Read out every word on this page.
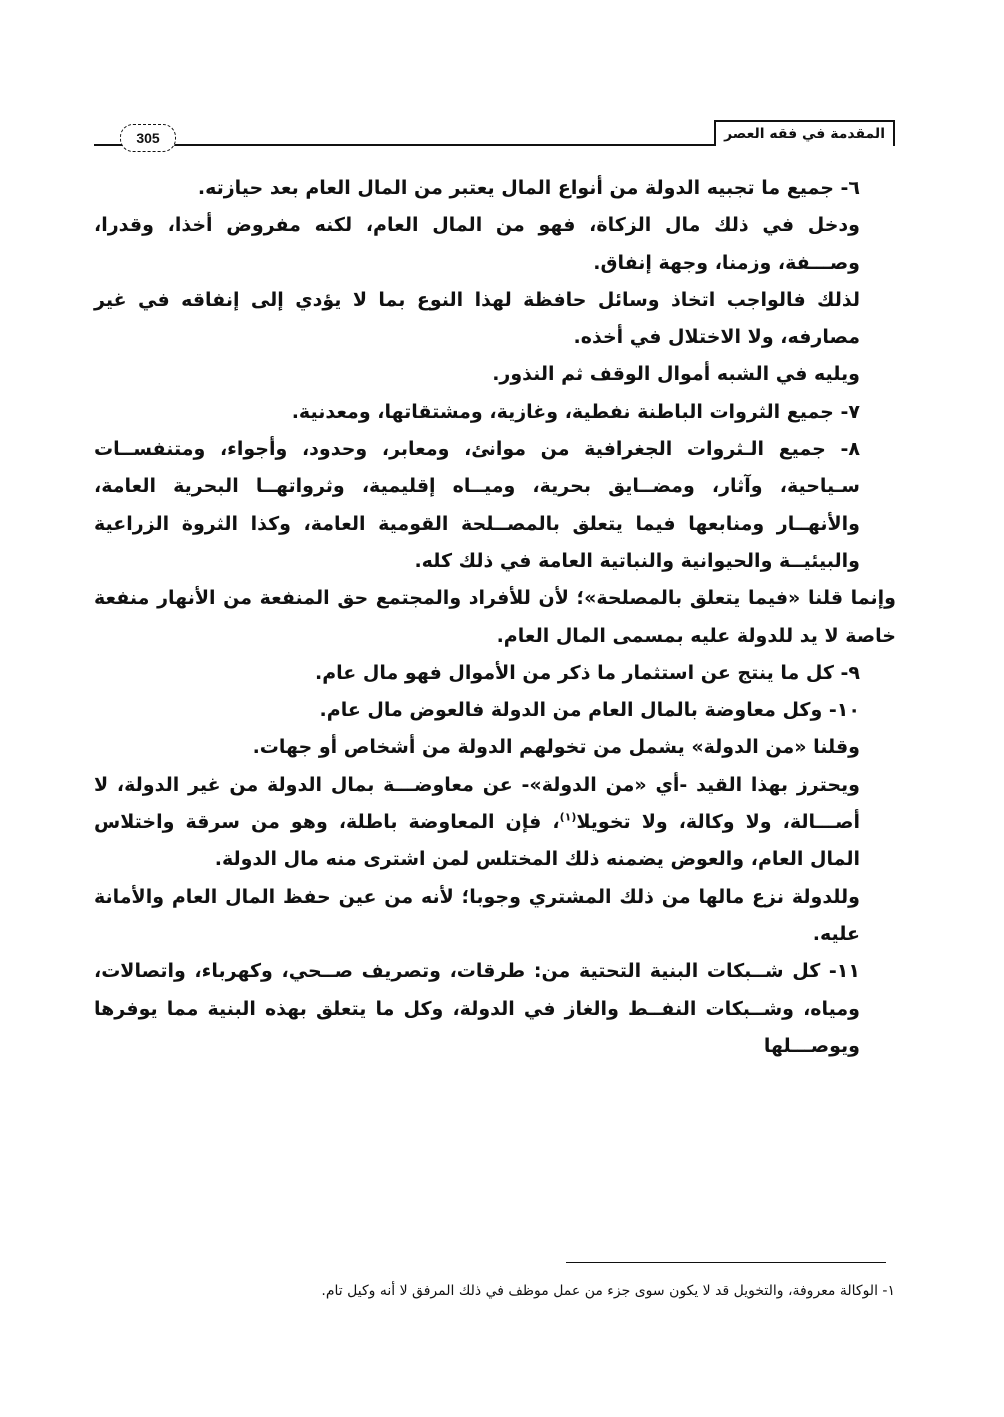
المقدمة في فقه العصر
305

٦- جميع ما تجبيه الدولة من أنواع المال يعتبر من المال العام بعد حيازته.

ودخل في ذلك مال الزكاة، فهو من المال العام، لكنه مفروض أخذا، وقدرا، وصـــفة، وزمنا، وجهة إنفاق.

لذلك فالواجب اتخاذ وسائل حافظة لهذا النوع بما لا يؤدي إلى إنفاقه في غير مصارفه، ولا الاختلال في أخذه.

ويليه في الشبه أموال الوقف ثم النذور.

٧- جميع الثروات الباطنة نفطية، وغازية، ومشتقاتها، ومعدنية.

٨- جميع الـثروات الجغرافية من موانئ، ومعابر، وحدود، وأجواء، ومتنفســات سـياحية، وآثار، ومضــايق بحرية، وميــاه إقليمية، وثرواتهــا البحرية العامة، والأنهــار ومنابعها فيما يتعلق بالمصــلحة القومية العامة، وكذا الثروة الزراعية والبيئيــة والحيوانية والنباتية العامة في ذلك كله.

وإنما قلنا «فيما يتعلق بالمصلحة»؛ لأن للأفراد والمجتمع حق المنفعة من الأنهار منفعة خاصة لا يد للدولة عليه بمسمى المال العام.

٩- كل ما ينتج عن استثمار ما ذكر من الأموال فهو مال عام.

١٠- وكل معاوضة بالمال العام من الدولة فالعوض مال عام.

وقلنا «من الدولة» يشمل من تخولهم الدولة من أشخاص أو جهات.

ويحترز بهذا القيد -أي «من الدولة»- عن معاوضـــة بمال الدولة من غير الدولة، لا أصـــالة، ولا وكالة، ولا تخويلا$^{(١)}$، فإن المعاوضة باطلة، وهو من سرقة واختلاس المال العام، والعوض يضمنه ذلك المختلس لمن اشترى منه مال الدولة.

وللدولة نزع مالها من ذلك المشتري وجوبا؛ لأنه من عين حفظ المال العام والأمانة عليه.

١١- كل شــبكات البنية التحتية من: طرقات، وتصريف صــحي، وكهرباء، واتصالات، ومياه، وشــبكات النفــط والغاز في الدولة، وكل ما يتعلق بهذه البنية مما يوفرها ويوصـــلها

١- الوكالة معروفة، والتخويل قد لا يكون سوى جزء من عمل موظف في ذلك المرفق لا أنه وكيل تام.
